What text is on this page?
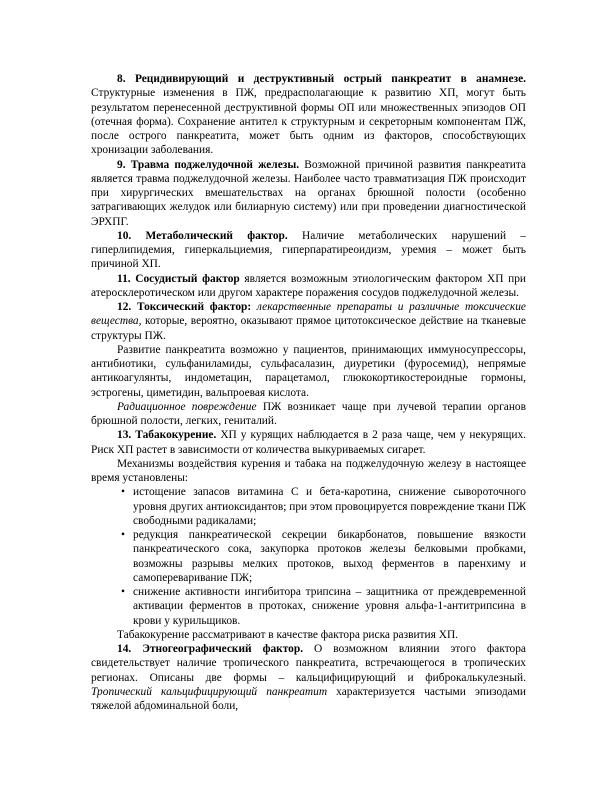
8. Рецидивирующий и деструктивный острый панкреатит в анамнезе. Структурные изменения в ПЖ, предрасполагающие к развитию ХП, могут быть результатом перенесенной деструктивной формы ОП или множественных эпизодов ОП (отечная форма). Сохранение антител к структурным и секреторным компонентам ПЖ, после острого панкреатита, может быть одним из факторов, способствующих хронизации заболевания.

9. Травма поджелудочной железы. Возможной причиной развития панкреатита является травма поджелудочной железы. Наиболее часто травматизация ПЖ происходит при хирургических вмешательствах на органах брюшной полости (особенно затрагивающих желудок или билиарную систему) или при проведении диагностической ЭРХПГ.

10. Метаболический фактор. Наличие метаболических нарушений – гиперлипидемия, гиперкальциемия, гиперпаратиреоидизм, уремия – может быть причиной ХП.

11. Сосудистый фактор является возможным этиологическим фактором ХП при атеросклеротическом или другом характере поражения сосудов поджелудочной железы.

12. Токсический фактор: лекарственные препараты и различные токсические вещества, которые, вероятно, оказывают прямое цитотоксическое действие на тканевые структуры ПЖ.

Развитие панкреатита возможно у пациентов, принимающих иммуносупрессоры, антибиотики, сульфаниламиды, сульфасалазин, диуретики (фуросемид), непрямые антикоагулянты, индометацин, парацетамол, глюкокортикостероидные гормоны, эстрогены, циметидин, вальпроевая кислота.

Радиационное повреждение ПЖ возникает чаще при лучевой терапии органов брюшной полости, легких, гениталий.

13. Табакокурение. ХП у курящих наблюдается в 2 раза чаще, чем у некурящих. Риск ХП растет в зависимости от количества выкуриваемых сигарет.

Механизмы воздействия курения и табака на поджелудочную железу в настоящее время установлены:

• истощение запасов витамина С и бета-каротина, снижение сывороточного уровня других антиоксидантов; при этом провоцируется повреждение ткани ПЖ свободными радикалами;
• редукция панкреатической секреции бикарбонатов, повышение вязкости панкреатического сока, закупорка протоков железы белковыми пробками, возможны разрывы мелких протоков, выход ферментов в паренхиму и самопереваривание ПЖ;
• снижение активности ингибитора трипсина – защитника от преждевременной активации ферментов в протоках, снижение уровня альфа-1-антитрипсина в крови у курильщиков.

Табакокурение рассматривают в качестве фактора риска развития ХП.

14. Этногеографический фактор. О возможном влиянии этого фактора свидетельствует наличие тропического панкреатита, встречающегося в тропических регионах. Описаны две формы – кальцифицирующий и фиброкалькулезный. Тропический кальцифицирующий панкреатит характеризуется частыми эпизодами тяжелой абдоминальной боли,
